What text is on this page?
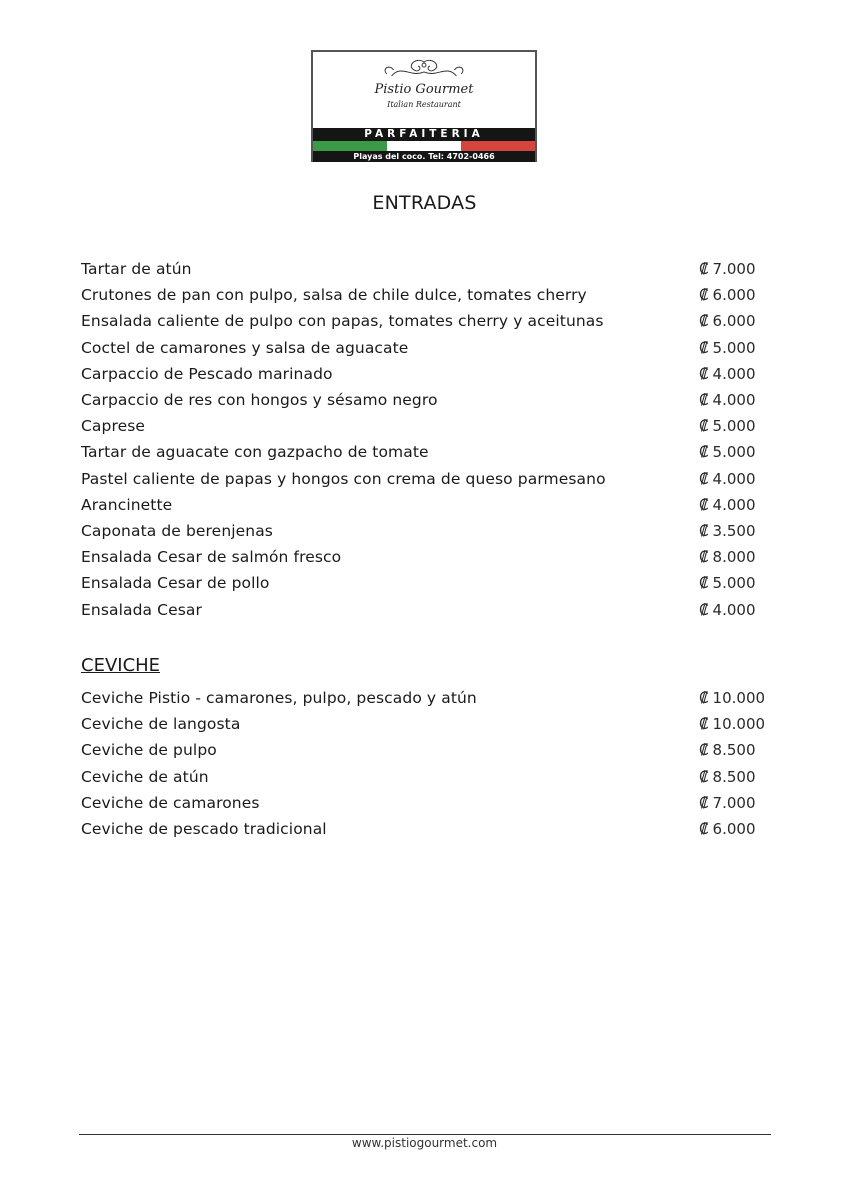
Pistio Gourmet
Italian Restaurant
PARFAITERIA
Playas del coco. Tel: 4702-0466
ENTRADAS
Tartar de atún	₡ 7.000
Crutones de pan con pulpo, salsa de chile dulce, tomates cherry	₡ 6.000
Ensalada caliente de pulpo con papas, tomates cherry y aceitunas	₡ 6.000
Coctel de camarones y salsa de aguacate	₡ 5.000
Carpaccio de Pescado marinado	₡ 4.000
Carpaccio de res con hongos y sésamo negro	₡ 4.000
Caprese	₡ 5.000
Tartar de aguacate con gazpacho de tomate	₡ 5.000
Pastel caliente de papas y hongos con crema de queso parmesano	₡ 4.000
Arancinette	₡ 4.000
Caponata de berenjenas	₡ 3.500
Ensalada Cesar de salmón fresco	₡ 8.000
Ensalada Cesar de pollo	₡ 5.000
Ensalada Cesar	₡ 4.000
CEVICHE
Ceviche Pistio - camarones, pulpo, pescado y atún	₡ 10.000
Ceviche de langosta	₡ 10.000
Ceviche de pulpo	₡ 8.500
Ceviche de atún	₡ 8.500
Ceviche de camarones	₡ 7.000
Ceviche de pescado tradicional	₡ 6.000
www.pistiogourmet.com
